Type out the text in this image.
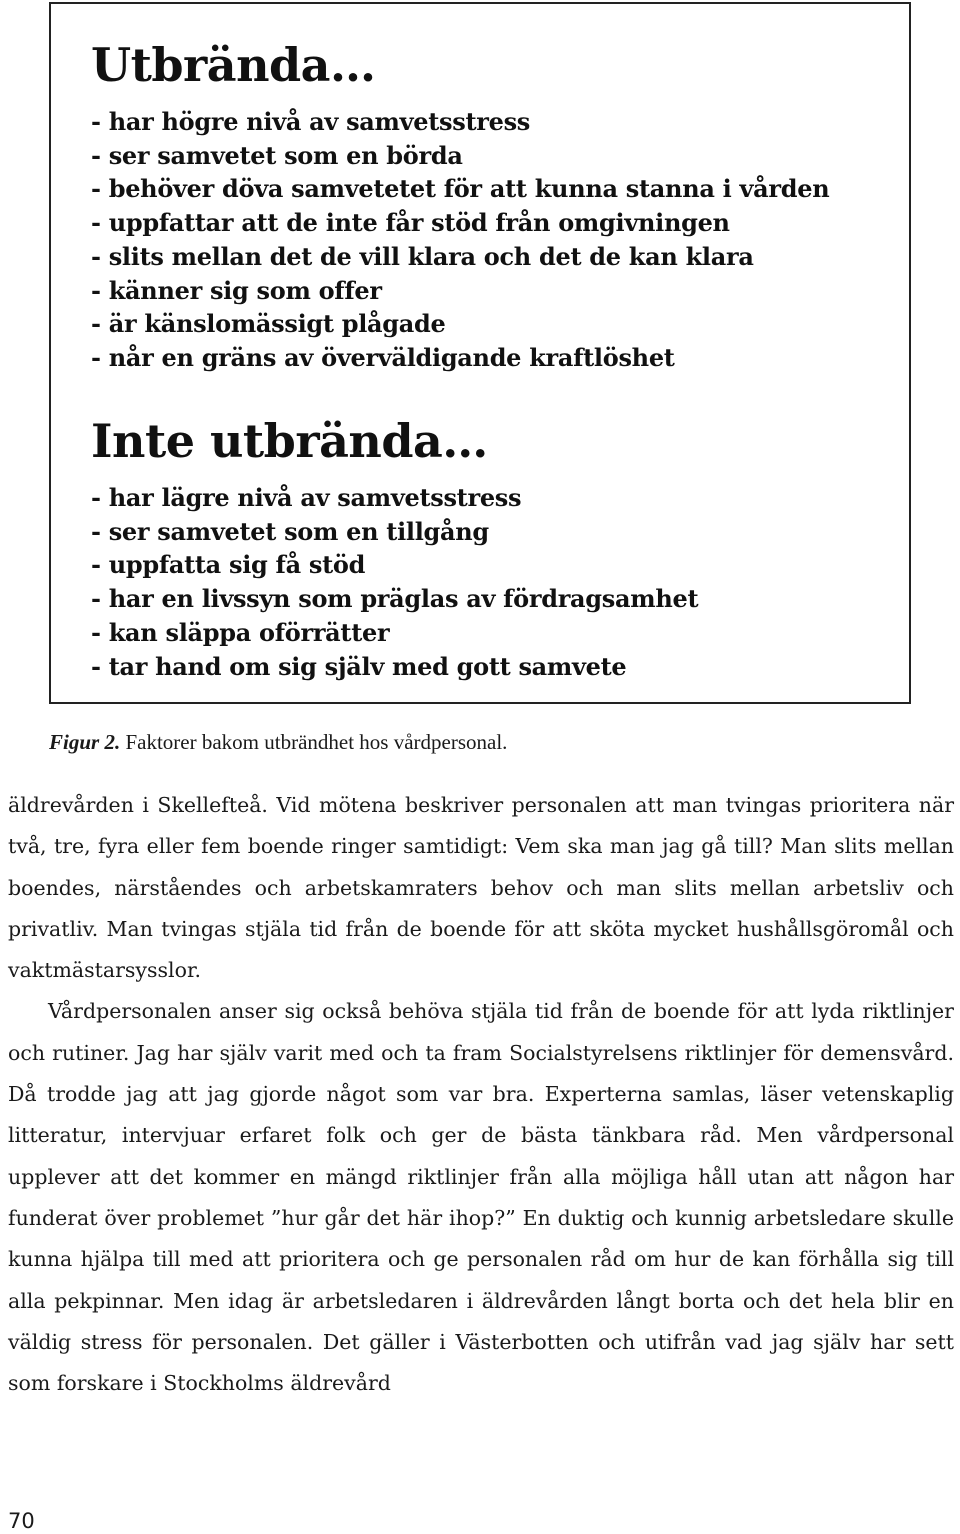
Utbrända…
- har högre nivå av samvetsstress
- ser samvetet som en börda
- behöver döva samvetetet för att kunna stanna i vården
- uppfattar att de inte får stöd från omgivningen
- slits mellan det de vill klara och det de kan klara
- känner sig som offer
- är känslomässigt plågade
- når en gräns av överväldigande kraftlöshet
Inte utbrända…
- har lägre nivå av samvetsstress
- ser samvetet som en tillgång
- uppfatta sig få stöd
- har en livssyn som präglas av fördragsamhet
- kan släppa oförrätter
- tar hand om sig själv med gott samvete
Figur 2. Faktorer bakom utbrändhet hos vårdpersonal.

äldrevården i Skellefteå. Vid mötena beskriver personalen att man tvingas prioritera när två, tre, fyra eller fem boende ringer samtidigt: Vem ska man jag gå till? Man slits mellan boendes, närståendes och arbetskamraters behov och man slits mellan arbetsliv och privatliv. Man tvingas stjäla tid från de boende för att sköta mycket hushållsgöromål och vaktmästarsysslor.

Vårdpersonalen anser sig också behöva stjäla tid från de boende för att lyda riktlinjer och rutiner. Jag har själv varit med och ta fram Socialstyrelsens riktlinjer för demensvård. Då trodde jag att jag gjorde något som var bra. Experterna samlas, läser vetenskaplig litteratur, intervjuar erfaret folk och ger de bästa tänkbara råd. Men vårdpersonal upplever att det kommer en mängd riktlinjer från alla möjliga håll utan att någon har funderat över problemet ”hur går det här ihop?” En duktig och kunnig arbetsledare skulle kunna hjälpa till med att prioritera och ge personalen råd om hur de kan förhålla sig till alla pekpinnar. Men idag är arbetsledaren i äldrevården långt borta och det hela blir en väldig stress för personalen. Det gäller i Västerbotten och utifrån vad jag själv har sett som forskare i Stockholms äldrevård

70
